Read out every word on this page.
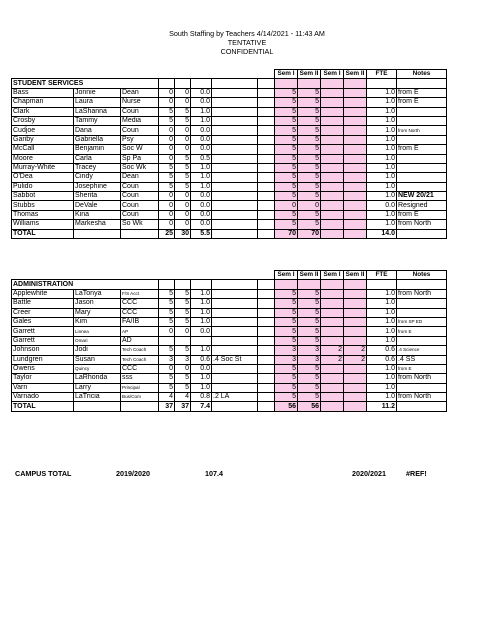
South Staffing by Teachers 4/14/2021 - 11:43 AM
TENTATIVE
CONFIDENTIAL
								Sem I	Sem II	Sem I	Sem II	FTE	Notes
STUDENT SERVICES													
Bass	Jonnie	Dean	0	0	0.0			5	5			1.0	from E
Chapman	Laura	Nurse	0	0	0.0			5	5			1.0	from E
Clark	LaShanna	Coun	5	5	1.0			5	5			1.0	
Crosby	Tammy	Media	5	5	1.0			5	5			1.0	
Cudjoe	Dana	Coun	0	0	0.0			5	5			1.0	from North
Gariby	Gabriella	Psy	0	0	0.0			5	5			1.0	
McCall	Benjamin	Soc W	0	0	0.0			5	5			1.0	from E
Moore	Carla	Sp Pa	0	5	0.5			5	5			1.0	
Murray-White	Tracey	Soc Wk	5	5	1.0			5	5			1.0	
O'Dea	Cindy	Dean	5	5	1.0			5	5			1.0	
Pulido	Josephine	Coun	5	5	1.0			5	5			1.0	
Sabbot	Sherita	Coun	0	0	0.0			5	5			1.0	NEW 20/21
Stubbs	DeVale	Coun	0	0	0.0			0	0			0.0	Resigned
Thomas	Kina	Coun	0	0	0.0			5	5			1.0	from E
Williams	Markesha	So Wk	0	0	0.0			5	5			1.0	from North
TOTAL			25	30	5.5			70	70			14.0	
								Sem I	Sem II	Sem I	Sem II	FTE	Notes
ADMINISTRATION													
Applewhite	LaTonya	F/S Acct	5	5	1.0			5	5			1.0	from North
Battle	Jason	CCC	5	5	1.0			5	5			1.0	
Creer	Mary	CCC	5	5	1.0			5	5			1.0	
Gales	Kim	FA/IB	5	5	1.0			5	5			1.0	from SP ED
Garrett	Linnea	AP	0	0	0.0			5	5			1.0	from E
Garrett	Omari	AD						5	5			1.0	
Johnson	Jodi	Tech Coach	5	5	1.0			3	3	2	2	0.6	.4 Science
Lundgren	Susan	Tech Coach	3	3	0.6	.4 Soc St		3	3	2	2	0.6	.4 SS
Owens	Quincy	CCC	0	0	0.0			5	5			1.0	from E
Taylor	LaRhonda	sss	5	5	1.0			5	5			1.0	from North
Varn	Larry	Principal	5	5	1.0			5	5			1.0	
Varnado	LaTricia	Bus/Com	4	4	0.8	.2 LA		5	5			1.0	from North
TOTAL			37	37	7.4			56	56			11.2	
CAMPUS TOTAL	2019/2020	107.4	2020/2021	#REF!
